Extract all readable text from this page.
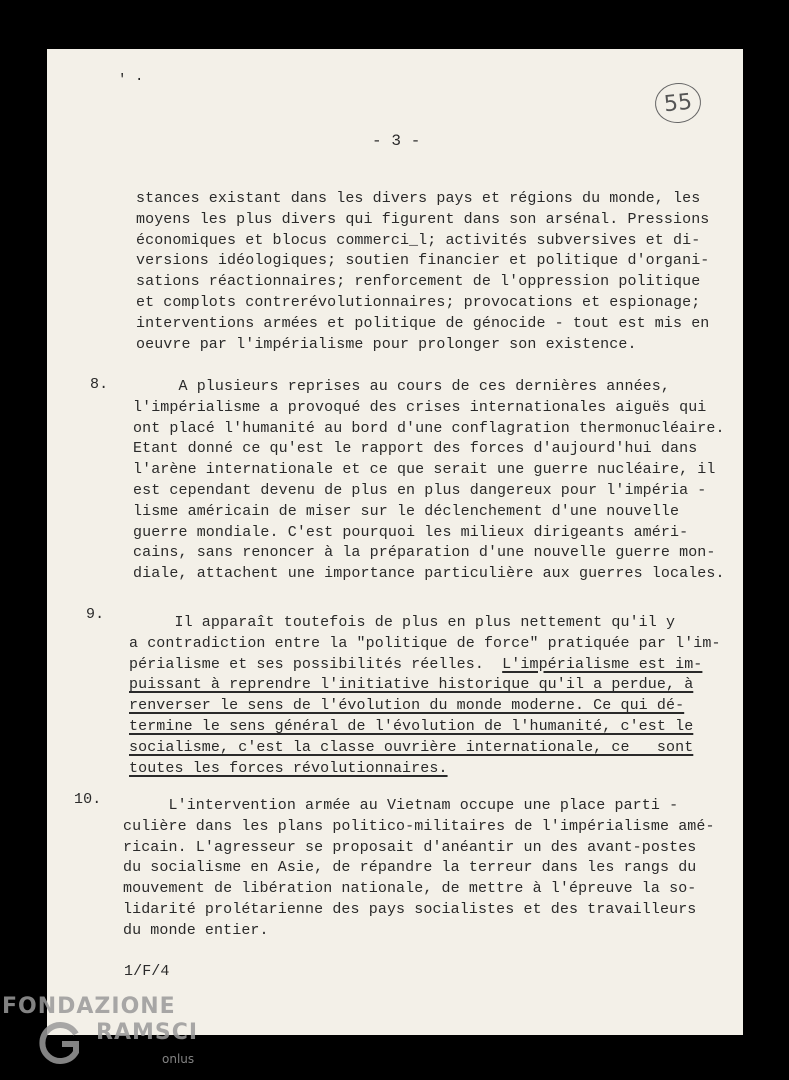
' ·
55
- 3 -
stances existant dans les divers pays et régions du monde, les
moyens les plus divers qui figurent dans son arsénal. Pressions
économiques et blocus commerci_l; activités subversives et di-
versions idéologiques; soutien financier et politique d'organi-
sations réactionnaires; renforcement de l'oppression politique
et complots contrerévolutionnaires; provocations et espionage;
interventions armées et politique de génocide - tout est mis en
oeuvre par l'impérialisme pour prolonger son existence.
8. A plusieurs reprises au cours de ces dernières années,
l'impérialisme a provoqué des crises internationales aiguës qui
ont placé l'humanité au bord d'une conflagration thermonucléaire.
Etant donné ce qu'est le rapport des forces d'aujourd'hui dans
l'arène internationale et ce que serait une guerre nucléaire, il
est cependant devenu de plus en plus dangereux pour l'impéria -
lisme américain de miser sur le déclenchement d'une nouvelle
guerre mondiale. C'est pourquoi les milieux dirigeants améri-
cains, sans renoncer à la préparation d'une nouvelle guerre mon-
diale, attachent une importance particulière aux guerres locales.
9. Il apparaît toutefois de plus en plus nettement qu'il y
a contradiction entre la "politique de force" pratiquée par l'im-
périalisme et ses possibilités réelles.  L'impérialisme est im-
puissant à reprendre l'initiative historique qu'il a perdue, à
renverser le sens de l'évolution du monde moderne. Ce qui dé-
termine le sens général de l'évolution de l'humanité, c'est le
socialisme, c'est la classe ouvrière internationale, ce   sont
toutes les forces révolutionnaires.
10. L'intervention armée au Vietnam occupe une place parti -
culière dans les plans politico-militaires de l'impérialisme amé-
ricain. L'agresseur se proposait d'anéantir un des avant-postes
du socialisme en Asie, de répandre la terreur dans les rangs du
mouvement de libération nationale, de mettre à l'épreuve la so-
lidarité prolétarienne des pays socialistes et des travailleurs
du monde entier.
1/F/4
FONDAZIONE
RAMSCI
onlus
